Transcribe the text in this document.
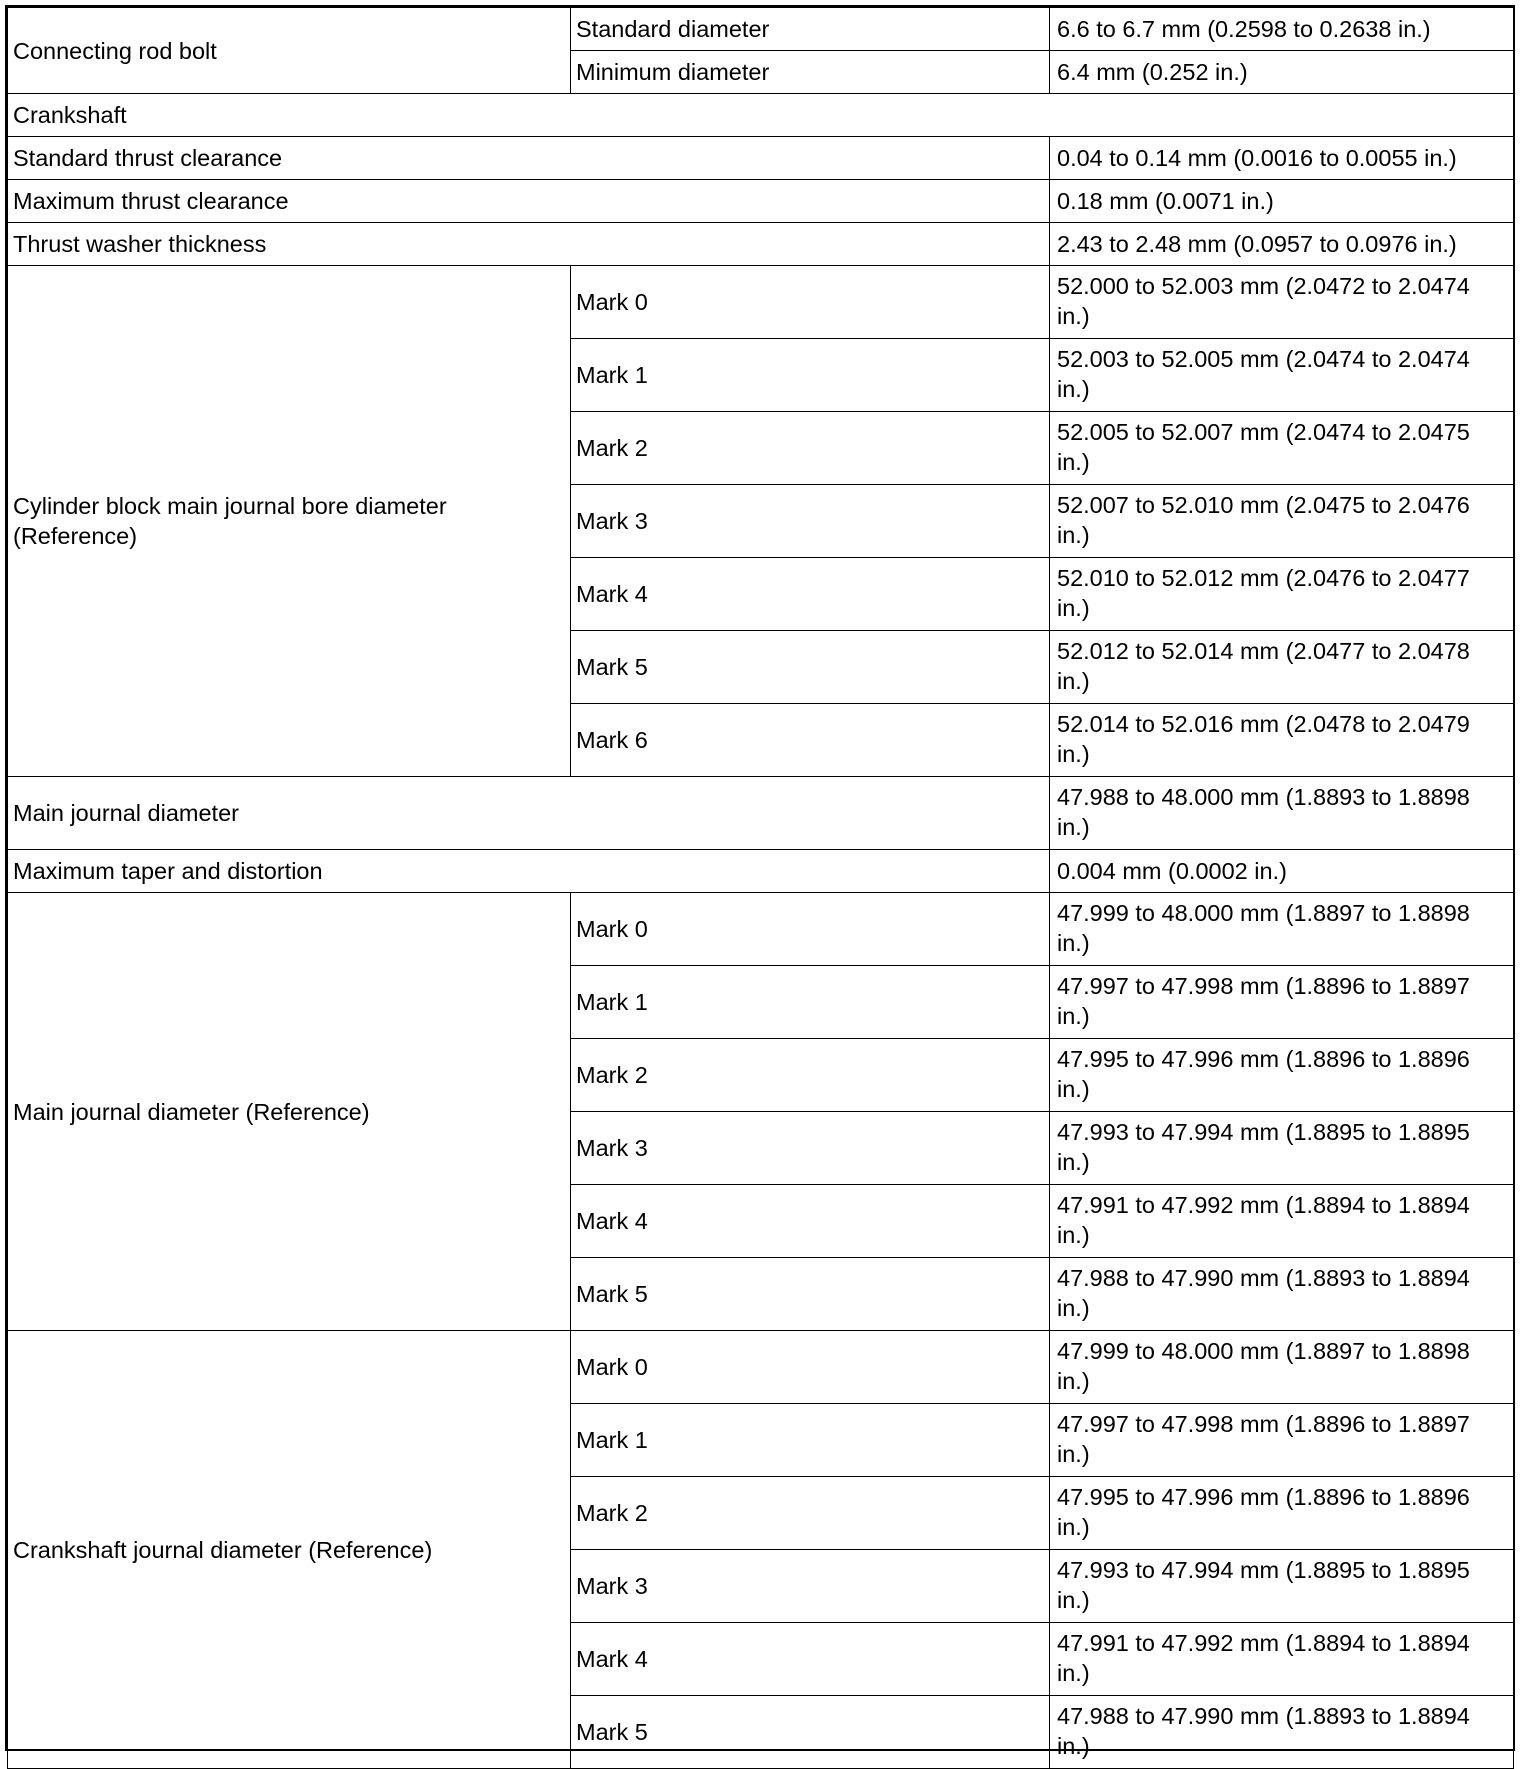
Connecting rod bolt	Standard diameter	6.6 to 6.7 mm (0.2598 to 0.2638 in.)
	Minimum diameter	6.4 mm (0.252 in.)
Crankshaft		
Standard thrust clearance		0.04 to 0.14 mm (0.0016 to 0.0055 in.)
Maximum thrust clearance		0.18 mm (0.0071 in.)
Thrust washer thickness		2.43 to 2.48 mm (0.0957 to 0.0976 in.)
Cylinder block main journal bore diameter (Reference)	Mark 0	52.000 to 52.003 mm (2.0472 to 2.0474 in.)
	Mark 1	52.003 to 52.005 mm (2.0474 to 2.0474 in.)
	Mark 2	52.005 to 52.007 mm (2.0474 to 2.0475 in.)
	Mark 3	52.007 to 52.010 mm (2.0475 to 2.0476 in.)
	Mark 4	52.010 to 52.012 mm (2.0476 to 2.0477 in.)
	Mark 5	52.012 to 52.014 mm (2.0477 to 2.0478 in.)
	Mark 6	52.014 to 52.016 mm (2.0478 to 2.0479 in.)
Main journal diameter		47.988 to 48.000 mm (1.8893 to 1.8898 in.)
Maximum taper and distortion		0.004 mm (0.0002 in.)
Main journal diameter (Reference)	Mark 0	47.999 to 48.000 mm (1.8897 to 1.8898 in.)
	Mark 1	47.997 to 47.998 mm (1.8896 to 1.8897 in.)
	Mark 2	47.995 to 47.996 mm (1.8896 to 1.8896 in.)
	Mark 3	47.993 to 47.994 mm (1.8895 to 1.8895 in.)
	Mark 4	47.991 to 47.992 mm (1.8894 to 1.8894 in.)
	Mark 5	47.988 to 47.990 mm (1.8893 to 1.8894 in.)
Crankshaft journal diameter (Reference)	Mark 0	47.999 to 48.000 mm (1.8897 to 1.8898 in.)
	Mark 1	47.997 to 47.998 mm (1.8896 to 1.8897 in.)
	Mark 2	47.995 to 47.996 mm (1.8896 to 1.8896 in.)
	Mark 3	47.993 to 47.994 mm (1.8895 to 1.8895 in.)
	Mark 4	47.991 to 47.992 mm (1.8894 to 1.8894 in.)
	Mark 5	47.988 to 47.990 mm (1.8893 to 1.8894 in.)
